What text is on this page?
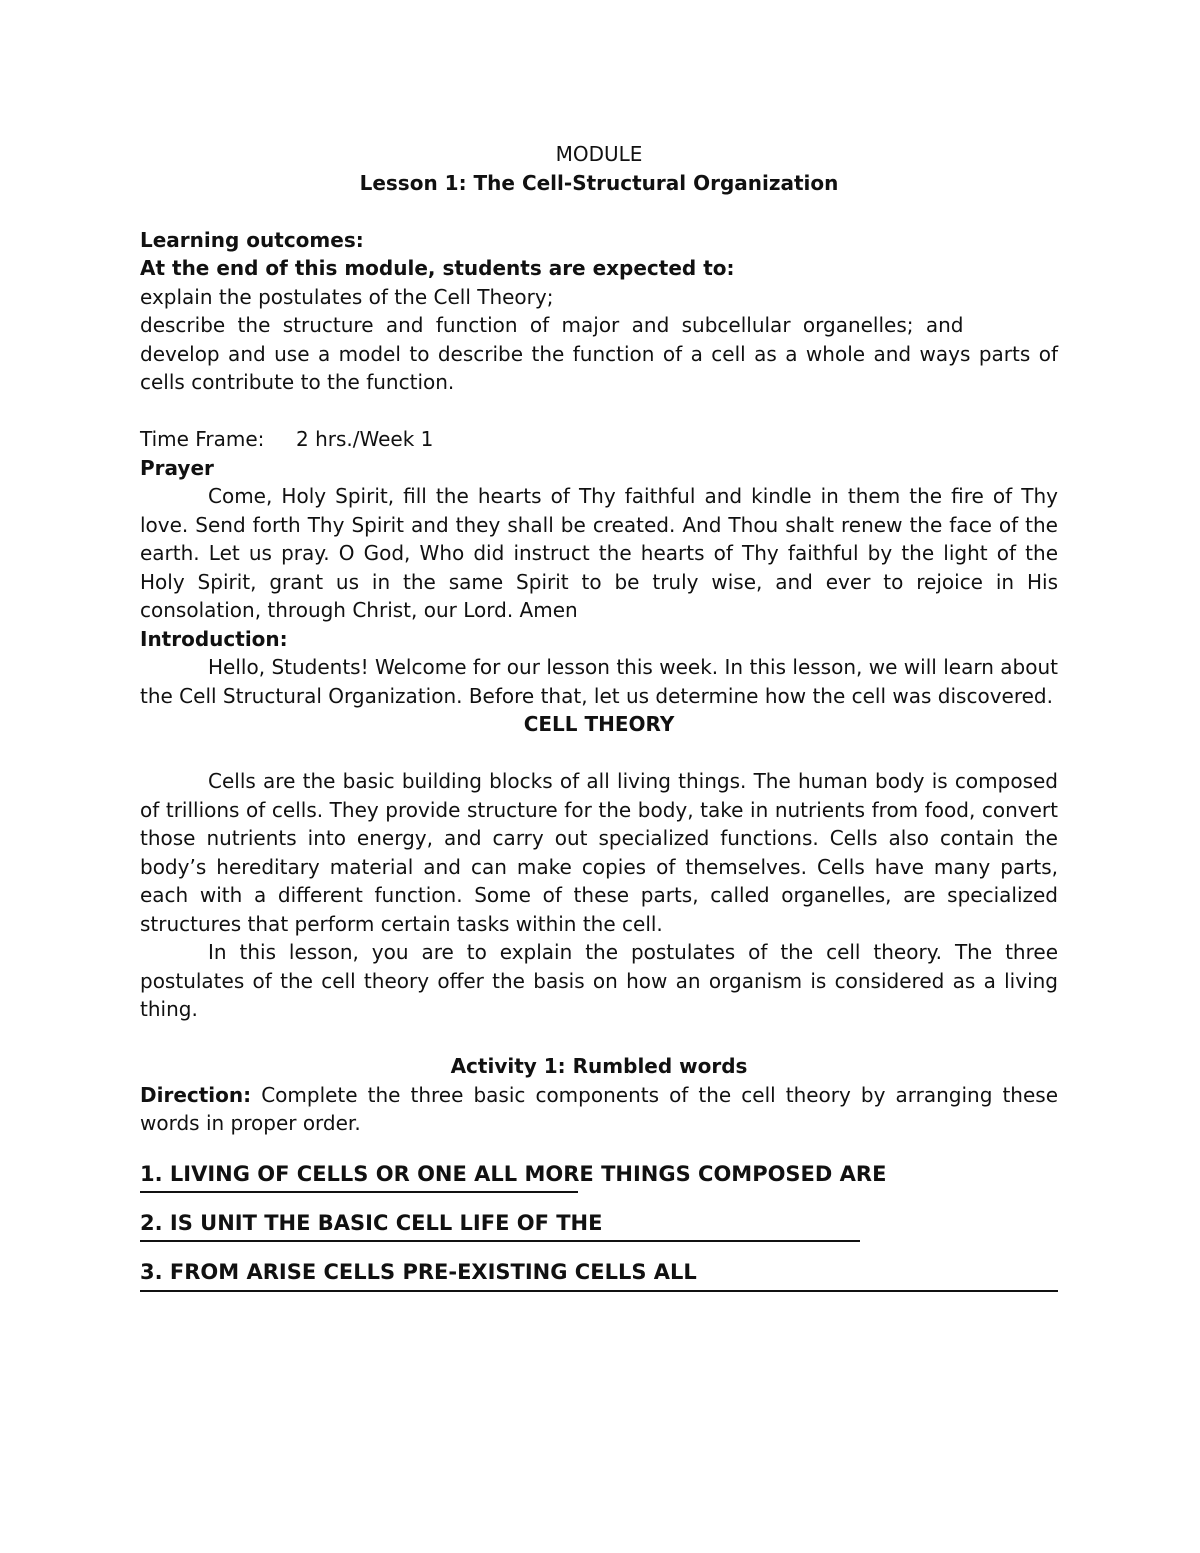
MODULE

Lesson 1: The Cell-Structural Organization

Learning outcomes:

At the end of this module, students are expected to:

explain the postulates of the Cell Theory;

describe the structure and function of major and subcellular organelles; and

develop and use a model to describe the function of a cell as a whole and ways parts of cells contribute to the function.

Time Frame: 2 hrs./Week 1

Prayer

Come, Holy Spirit, fill the hearts of Thy faithful and kindle in them the fire of Thy love. Send forth Thy Spirit and they shall be created. And Thou shalt renew the face of the earth. Let us pray. O God, Who did instruct the hearts of Thy faithful by the light of the Holy Spirit, grant us in the same Spirit to be truly wise, and ever to rejoice in His consolation, through Christ, our Lord. Amen

Introduction:

Hello, Students! Welcome for our lesson this week. In this lesson, we will learn about the Cell Structural Organization. Before that, let us determine how the cell was discovered.

CELL THEORY

Cells are the basic building blocks of all living things. The human body is composed of trillions of cells. They provide structure for the body, take in nutrients from food, convert those nutrients into energy, and carry out specialized functions. Cells also contain the body’s hereditary material and can make copies of themselves. Cells have many parts, each with a different function. Some of these parts, called organelles, are specialized structures that perform certain tasks within the cell.

In this lesson, you are to explain the postulates of the cell theory. The three postulates of the cell theory offer the basis on how an organism is considered as a living thing.

Activity 1: Rumbled words

Direction: Complete the three basic components of the cell theory by arranging these words in proper order.

1. LIVING OF CELLS OR ONE ALL MORE THINGS COMPOSED ARE

2. IS UNIT THE BASIC CELL LIFE OF THE

3. FROM ARISE CELLS PRE-EXISTING CELLS ALL
